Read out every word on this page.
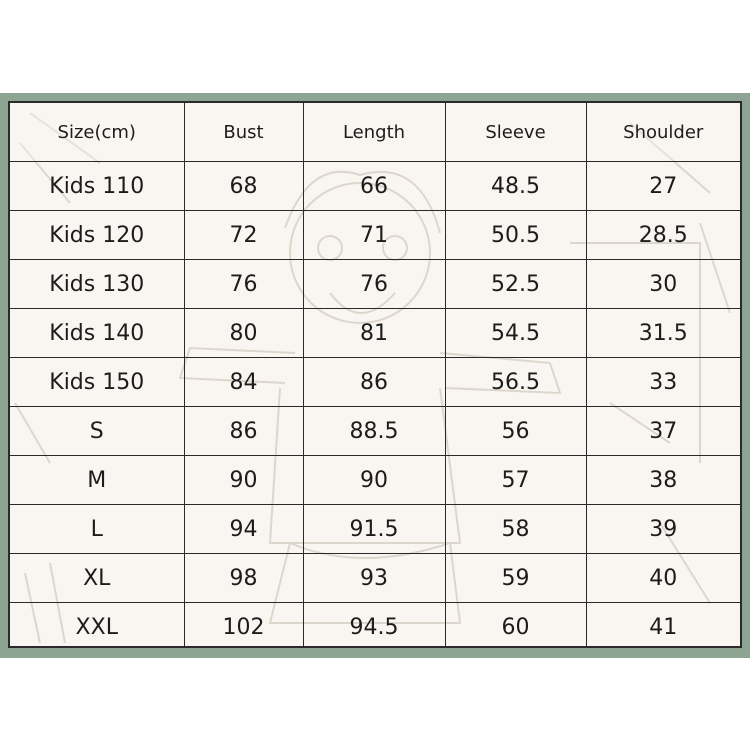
Size(cm)	Bust	Length	Sleeve	Shoulder
Kids 110	68	66	48.5	27
Kids 120	72	71	50.5	28.5
Kids 130	76	76	52.5	30
Kids 140	80	81	54.5	31.5
Kids 150	84	86	56.5	33
S	86	88.5	56	37
M	90	90	57	38
L	94	91.5	58	39
XL	98	93	59	40
XXL	102	94.5	60	41
